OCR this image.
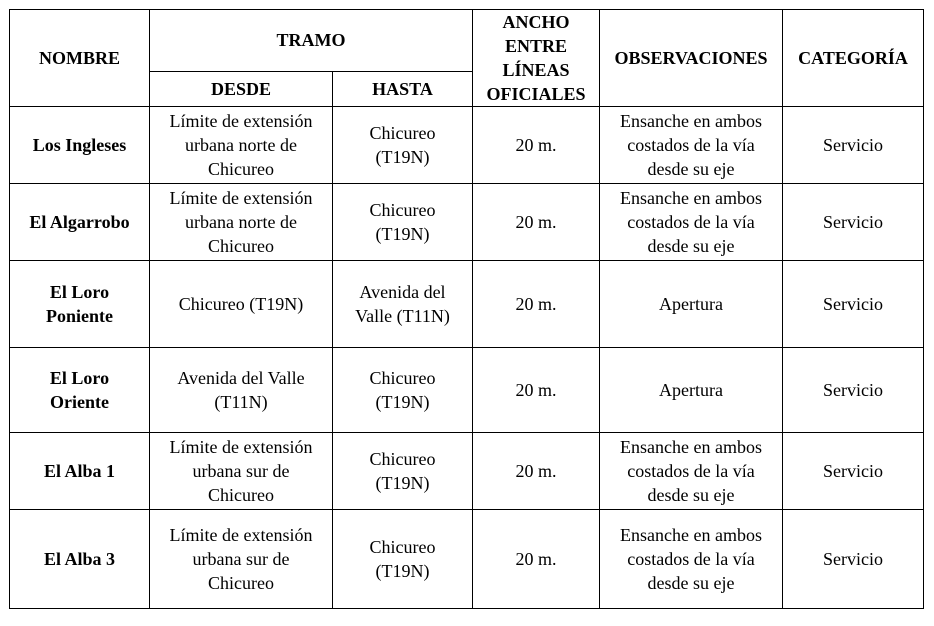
NOMBRE	TRAMO		ANCHO
ENTRE
LÍNEAS
OFICIALES	OBSERVACIONES	CATEGORÍA
	DESDE	HASTA			

Los Ingleses	Límite de extensión
urbana norte de
Chicureo	Chicureo
(T19N)	20 m.	Ensanche en ambos
costados de la vía
desde su eje	Servicio

El Algarrobo	Límite de extensión
urbana norte de
Chicureo	Chicureo
(T19N)	20 m.	Ensanche en ambos
costados de la vía
desde su eje	Servicio

El Loro
Poniente	Chicureo (T19N)	Avenida del
Valle (T11N)	20 m.	Apertura	Servicio

El Loro
Oriente	Avenida del Valle
(T11N)	Chicureo
(T19N)	20 m.	Apertura	Servicio

El Alba 1	Límite de extensión
urbana sur de
Chicureo	Chicureo
(T19N)	20 m.	Ensanche en ambos
costados de la vía
desde su eje	Servicio

El Alba 3	Límite de extensión
urbana sur de
Chicureo	Chicureo
(T19N)	20 m.	Ensanche en ambos
costados de la vía
desde su eje	Servicio
